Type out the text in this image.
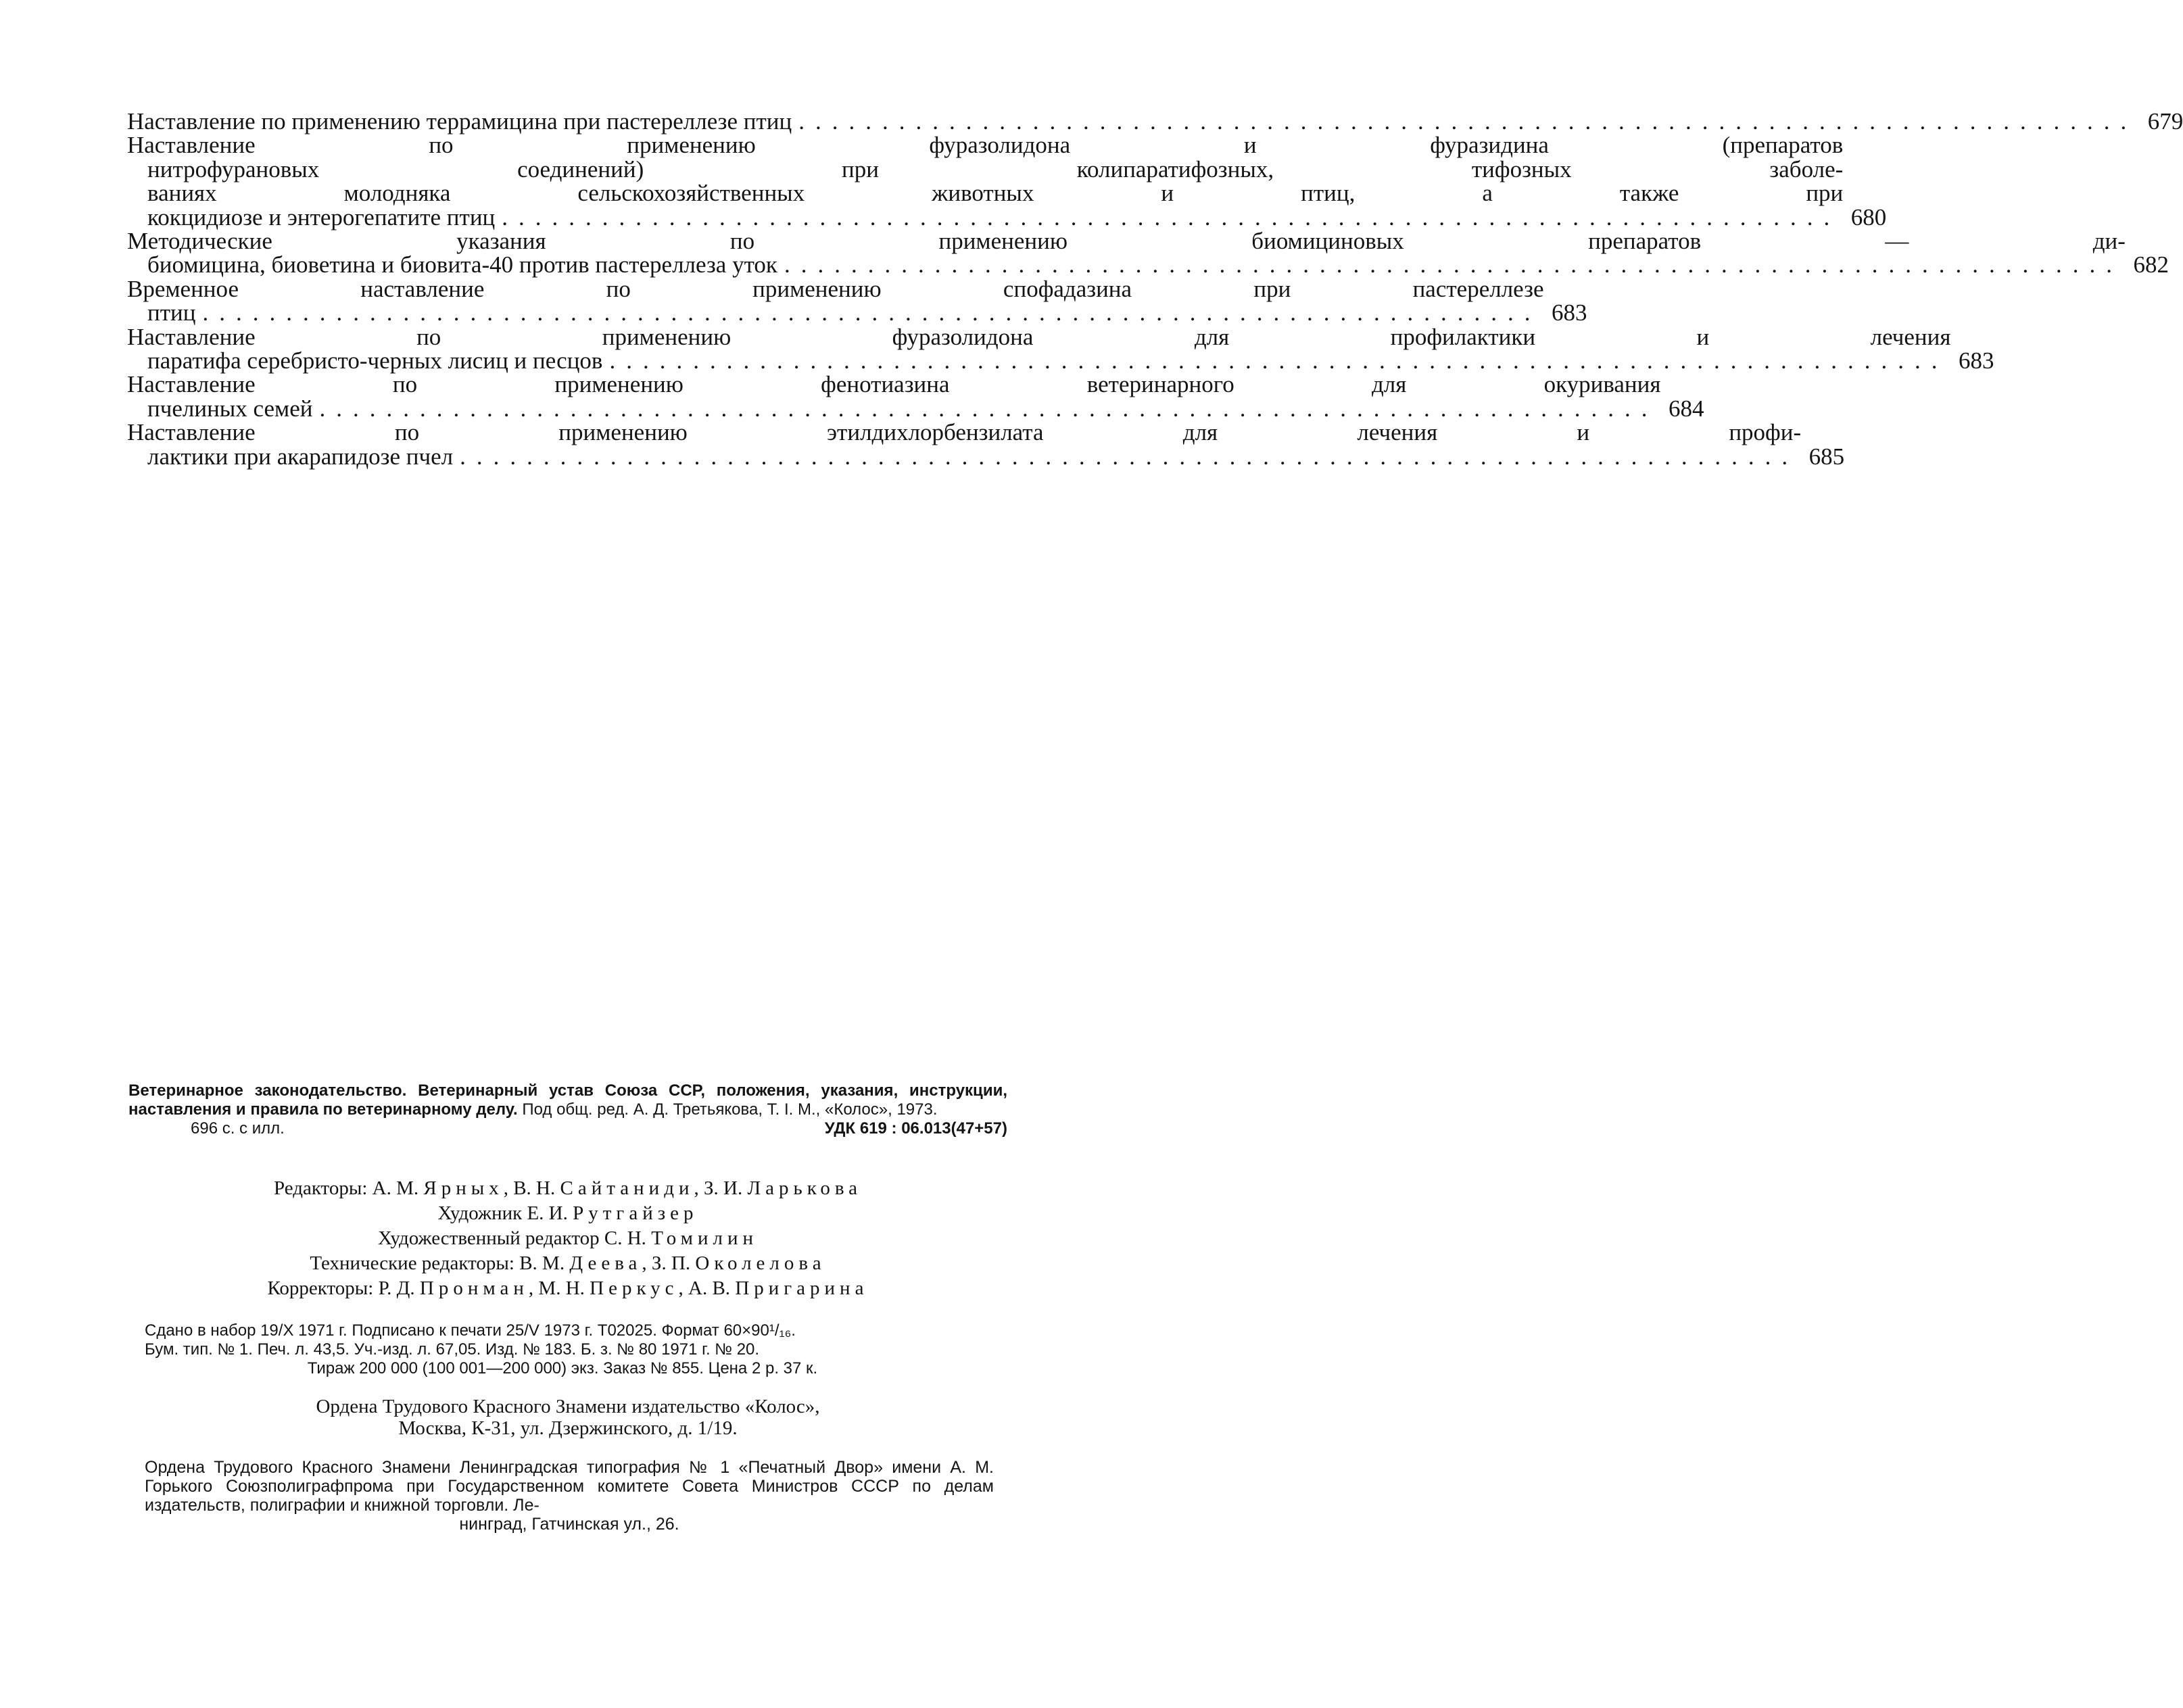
Наставление по применению террамицина при пастереллезе птиц ................................................................................ 679
Наставление по применению фуразолидона и фуразидина (препаратов
нитрофурановых соединений) при колипаратифозных, тифозных заболе-
ваниях молодняка сельскохозяйственных животных и птиц, а также при
кокцидиозе и энтерогепатите птиц ................................................................................ 680
Методические указания по применению биомициновых препаратов — ди-
биомицина, биоветина и биовита-40 против пастереллеза уток ................................................................................ 682
Временное наставление по применению спофадазина при пастереллезе
птиц ................................................................................ 683
Наставление по применению фуразолидона для профилактики и лечения
паратифа серебристо-черных лисиц и песцов ................................................................................ 683
Наставление по применению фенотиазина ветеринарного для окуривания
пчелиных семей ................................................................................ 684
Наставление по применению этилдихлорбензилата для лечения и профи-
лактики при акарапидозе пчел ................................................................................ 685
Ветеринарное законодательство. Ветеринарный устав Союза ССР, положения, указания, инструкции, наставления и правила по ветеринарному делу. Под общ. ред. А. Д. Третьякова, Т. I. М., «Колос», 1973.
696 с. с илл.	УДК 619 : 06.013(47+57)
Редакторы: А. М. Ярных, В. Н. Сайтаниди, З. И. Ларькова
Художник Е. И. Рутгайзер
Художественный редактор С. Н. Томилин
Технические редакторы: В. М. Деева, З. П. Околелова
Корректоры: Р. Д. Пронман, М. Н. Перкус, А. В. Пригарина
Сдано в набор 19/X 1971 г. Подписано к печати 25/V 1973 г. Т02025. Формат 60×90¹/₁₆.
Бум. тип. № 1. Печ. л. 43,5. Уч.-изд. л. 67,05. Изд. № 183. Б. з. № 80 1971 г. № 20.
Тираж 200 000 (100 001—200 000) экз. Заказ № 855. Цена 2 р. 37 к.
Ордена Трудового Красного Знамени издательство «Колос»,
Москва, К-31, ул. Дзержинского, д. 1/19.
Ордена Трудового Красного Знамени Ленинградская типография № 1 «Печатный Двор» имени А. М. Горького Союзполиграфпрома при Государственном комитете Совета Министров СССР по делам издательств, полиграфии и книжной торговли. Ле-
нинград, Гатчинская ул., 26.
